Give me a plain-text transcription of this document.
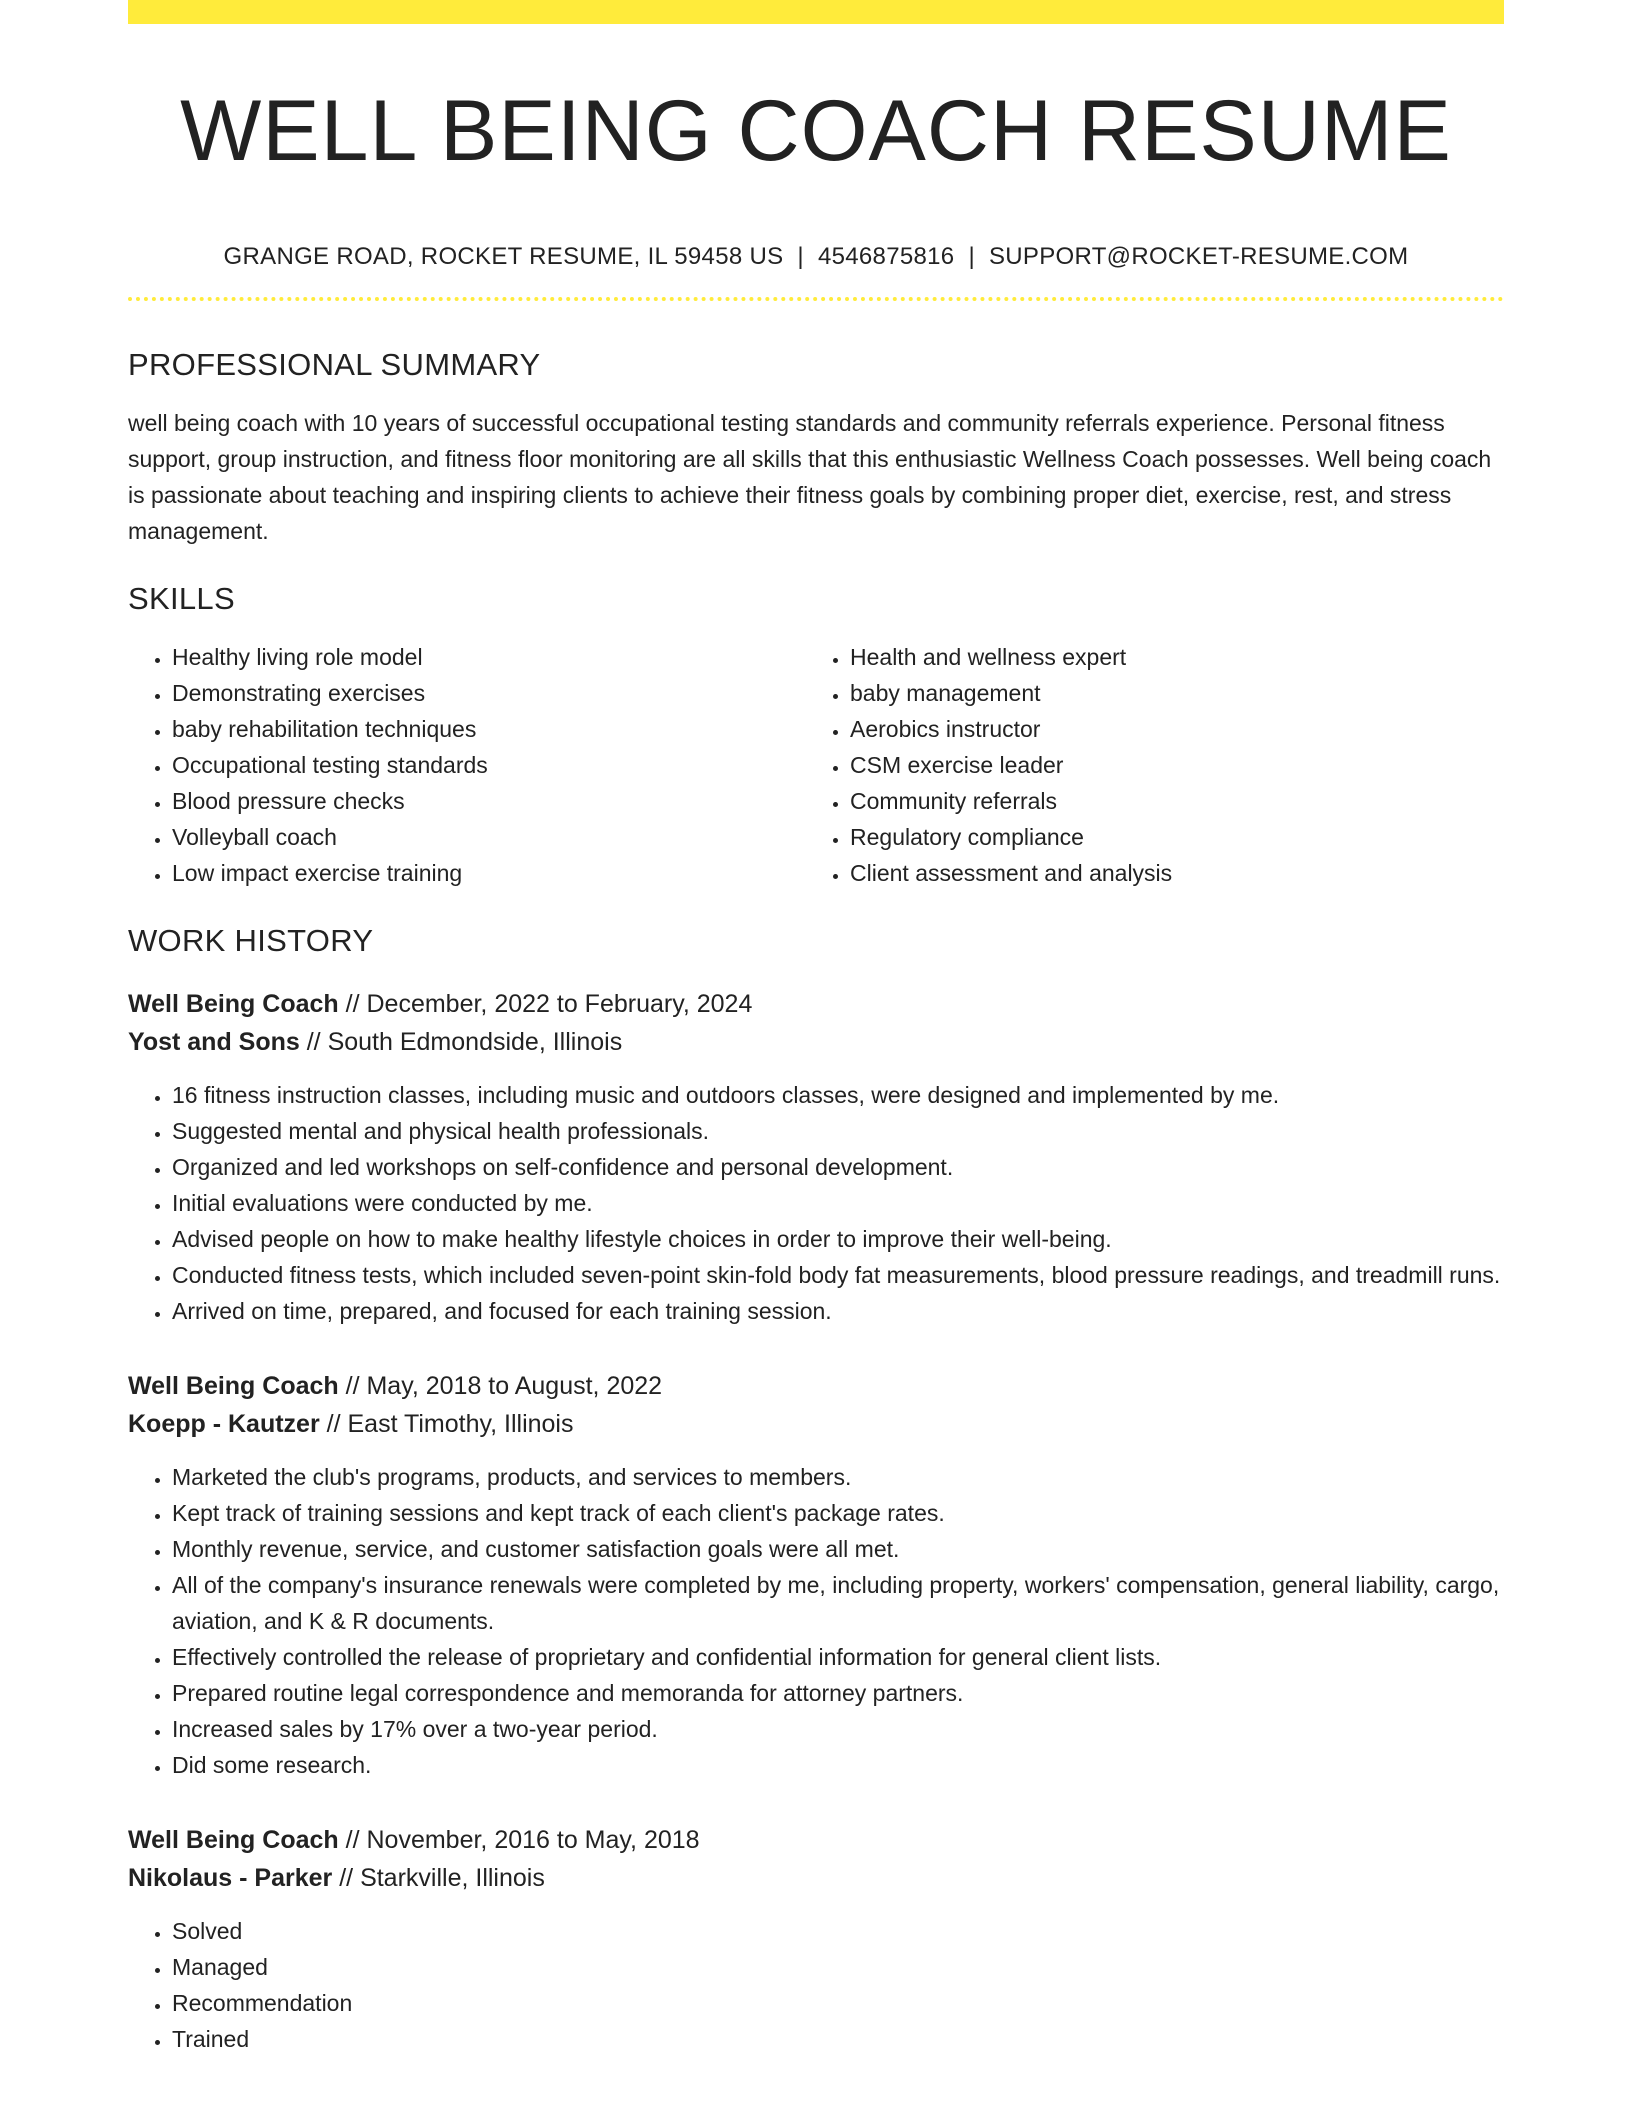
WELL BEING COACH RESUME
GRANGE ROAD, ROCKET RESUME, IL 59458 US | 4546875816 | SUPPORT@ROCKET-RESUME.COM
PROFESSIONAL SUMMARY

well being coach with 10 years of successful occupational testing standards and community referrals experience. Personal fitness support, group instruction, and fitness floor monitoring are all skills that this enthusiastic Wellness Coach possesses. Well being coach is passionate about teaching and inspiring clients to achieve their fitness goals by combining proper diet, exercise, rest, and stress management.

SKILLS
• Healthy living role model
• Demonstrating exercises
• baby rehabilitation techniques
• Occupational testing standards
• Blood pressure checks
• Volleyball coach
• Low impact exercise training
• Health and wellness expert
• baby management
• Aerobics instructor
• CSM exercise leader
• Community referrals
• Regulatory compliance
• Client assessment and analysis
WORK HISTORY
Well Being Coach // December, 2022 to February, 2024
Yost and Sons // South Edmondside, Illinois
• 16 fitness instruction classes, including music and outdoors classes, were designed and implemented by me.
• Suggested mental and physical health professionals.
• Organized and led workshops on self-confidence and personal development.
• Initial evaluations were conducted by me.
• Advised people on how to make healthy lifestyle choices in order to improve their well-being.
• Conducted fitness tests, which included seven-point skin-fold body fat measurements, blood pressure readings, and treadmill runs.
• Arrived on time, prepared, and focused for each training session.
Well Being Coach // May, 2018 to August, 2022
Koepp - Kautzer // East Timothy, Illinois
• Marketed the club's programs, products, and services to members.
• Kept track of training sessions and kept track of each client's package rates.
• Monthly revenue, service, and customer satisfaction goals were all met.
• All of the company's insurance renewals were completed by me, including property, workers' compensation, general liability, cargo, aviation, and K & R documents.
• Effectively controlled the release of proprietary and confidential information for general client lists.
• Prepared routine legal correspondence and memoranda for attorney partners.
• Increased sales by 17% over a two-year period.
• Did some research.
Well Being Coach // November, 2016 to May, 2018
Nikolaus - Parker // Starkville, Illinois
• Solved
• Managed
• Recommendation
• Trained
